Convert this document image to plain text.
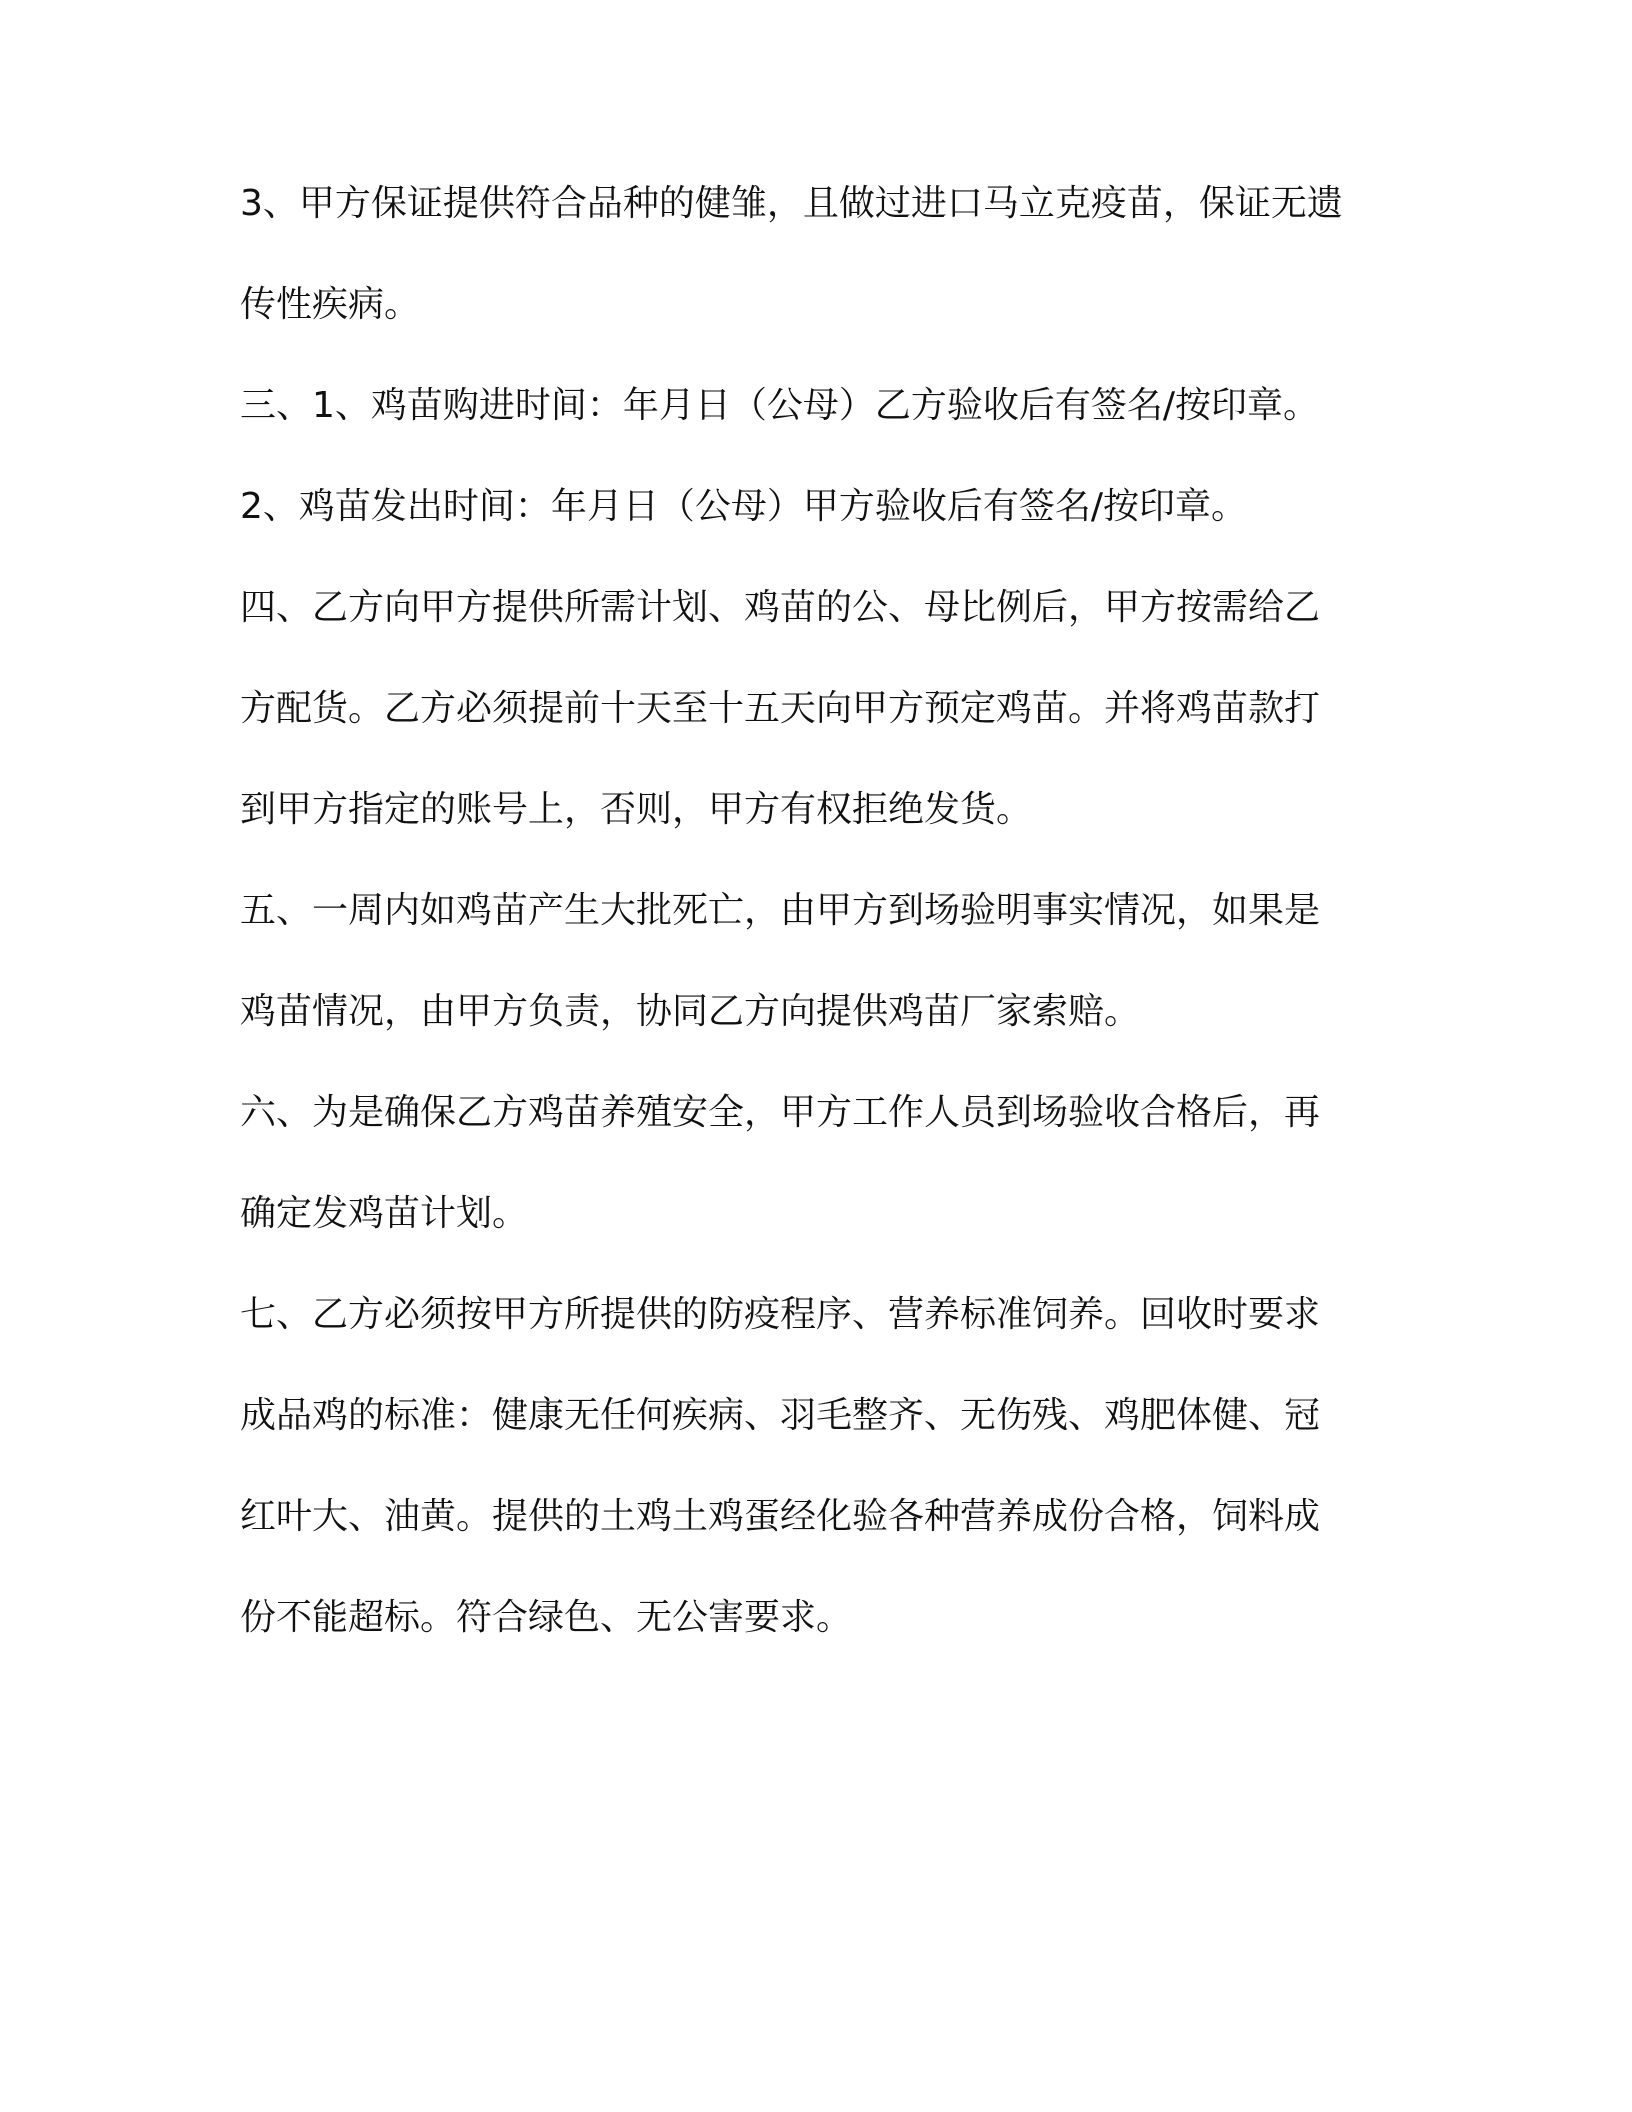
3、甲方保证提供符合品种的健雏，且做过进口马立克疫苗，保证无遗
传性疾病。
三、1、鸡苗购进时间：年月日（公母）乙方验收后有签名/按印章。
2、鸡苗发出时间：年月日（公母）甲方验收后有签名/按印章。
四、乙方向甲方提供所需计划、鸡苗的公、母比例后，甲方按需给乙
方配货。乙方必须提前十天至十五天向甲方预定鸡苗。并将鸡苗款打
到甲方指定的账号上，否则，甲方有权拒绝发货。
五、一周内如鸡苗产生大批死亡，由甲方到场验明事实情况，如果是
鸡苗情况，由甲方负责，协同乙方向提供鸡苗厂家索赔。
六、为是确保乙方鸡苗养殖安全，甲方工作人员到场验收合格后，再
确定发鸡苗计划。
七、乙方必须按甲方所提供的防疫程序、营养标准饲养。回收时要求
成品鸡的标准：健康无任何疾病、羽毛整齐、无伤残、鸡肥体健、冠
红叶大、油黄。提供的土鸡土鸡蛋经化验各种营养成份合格，饲料成
份不能超标。符合绿色、无公害要求。
